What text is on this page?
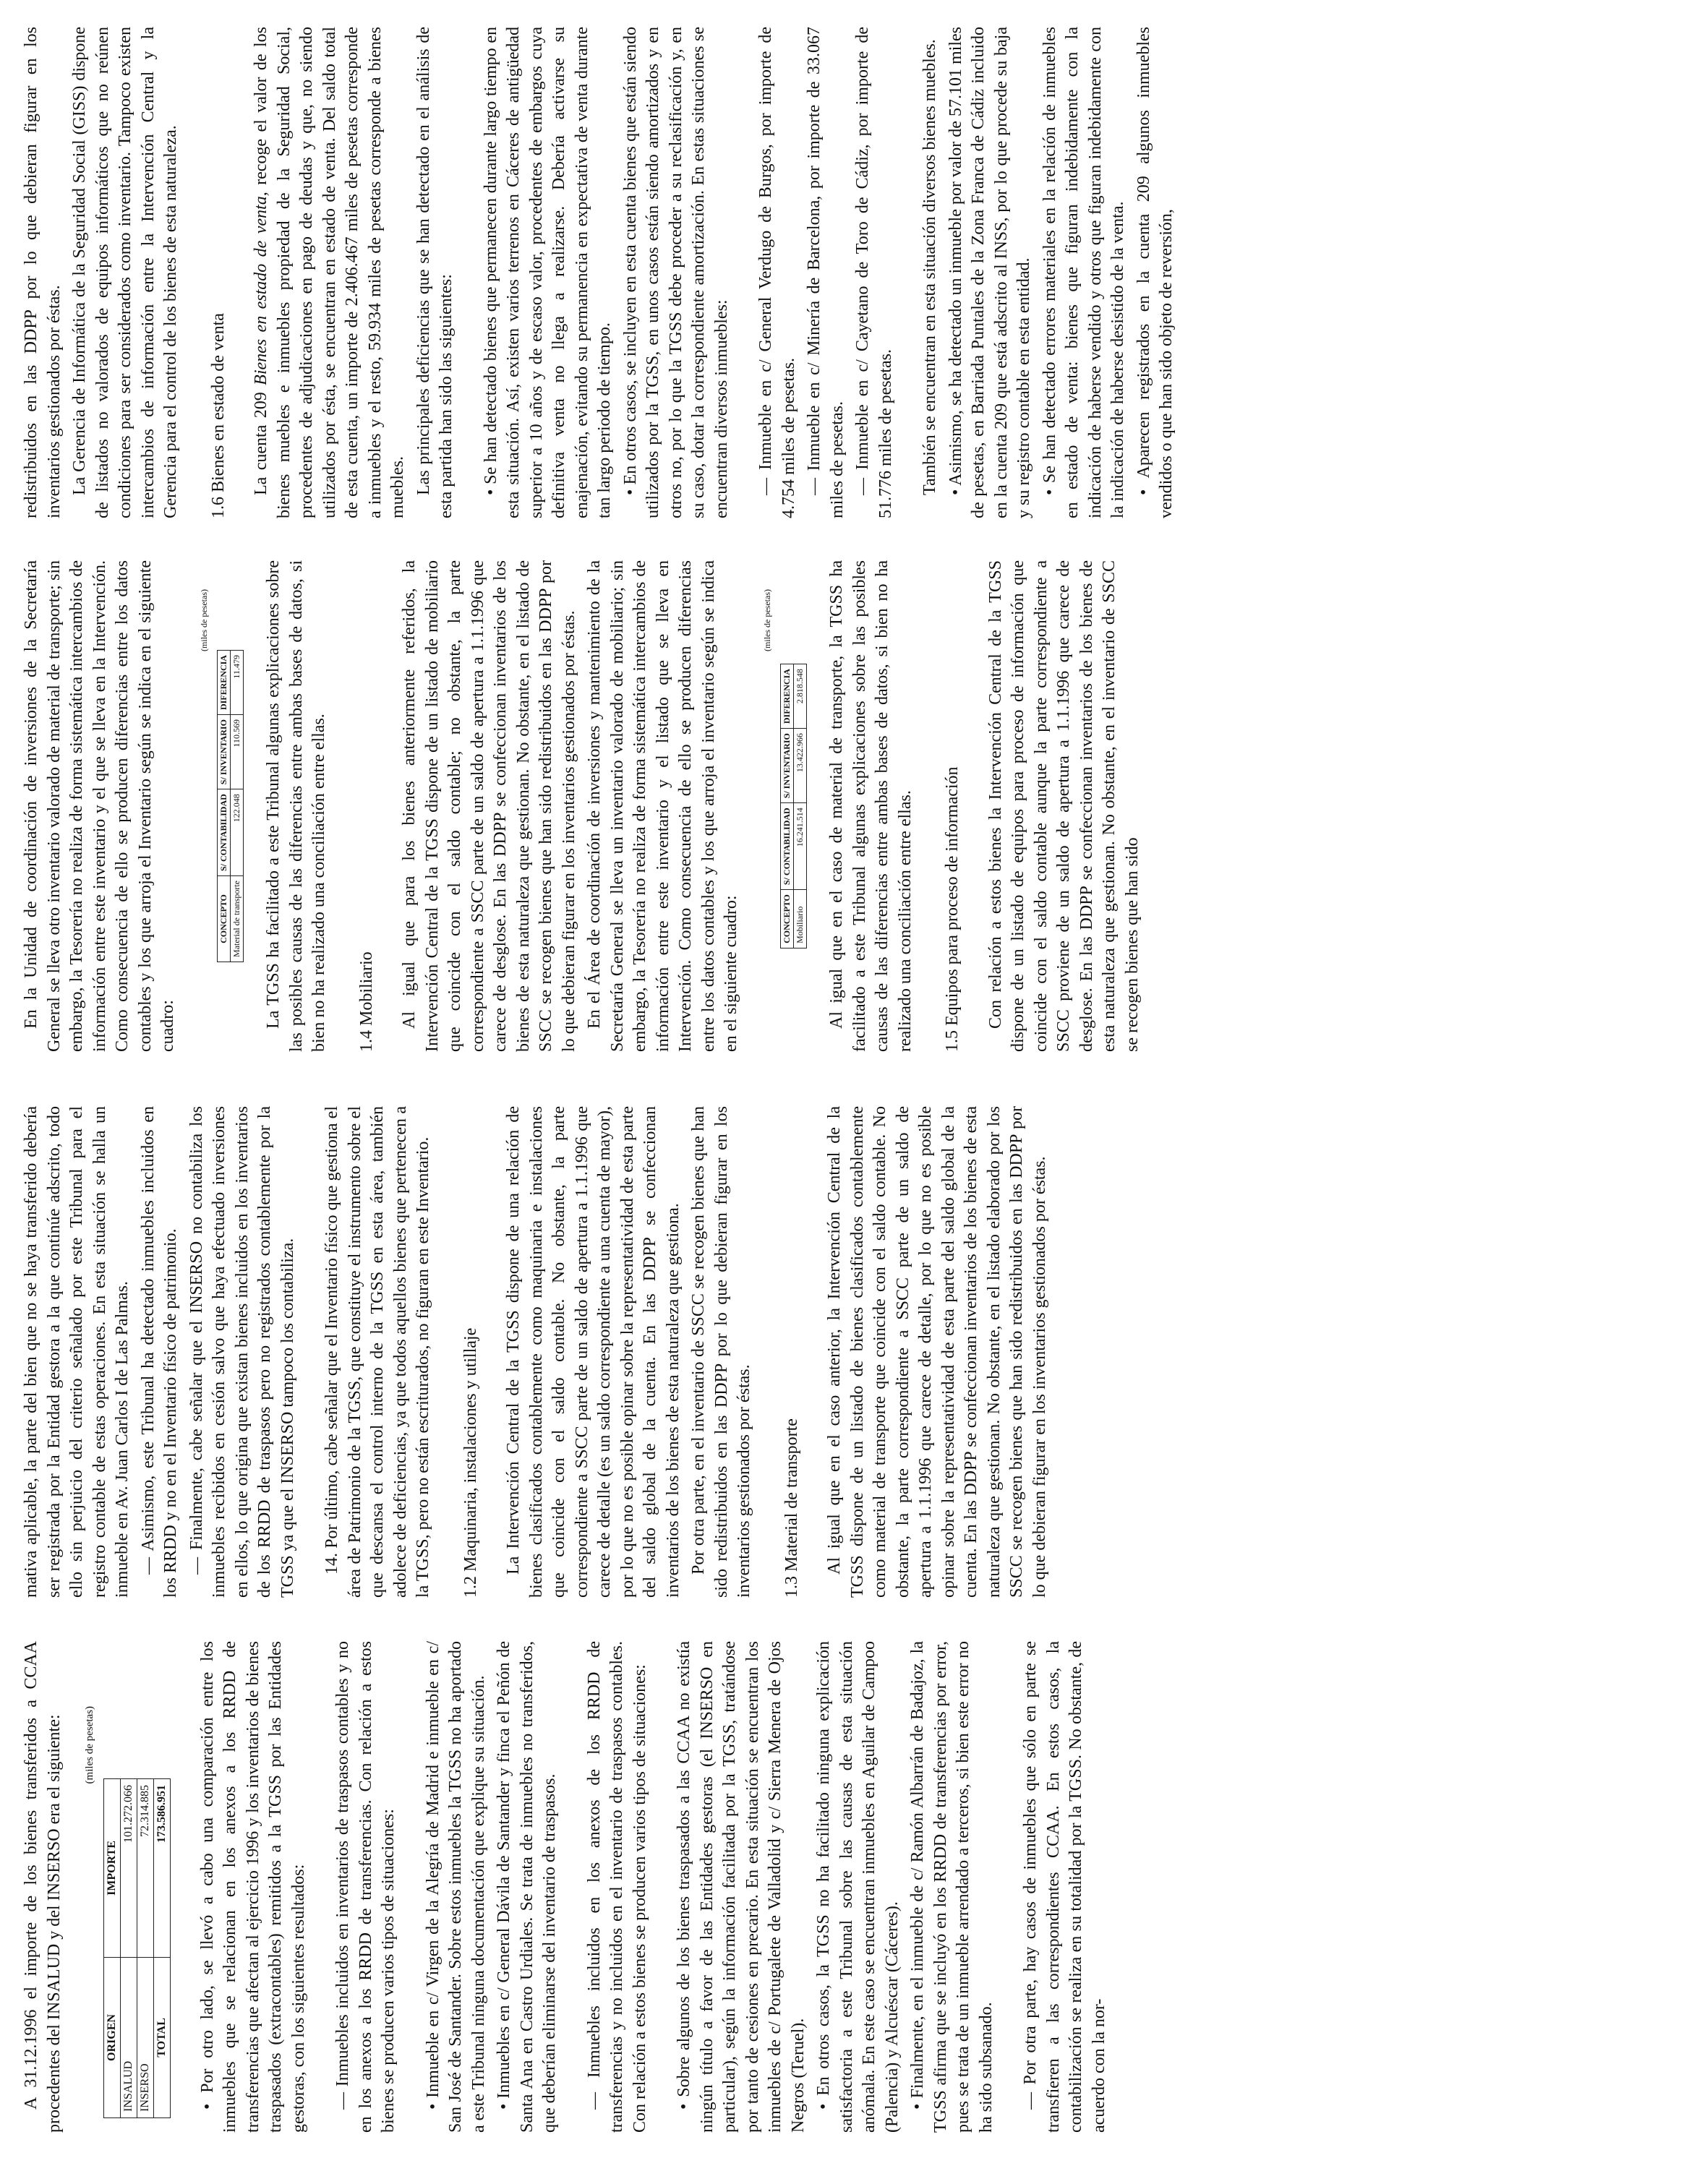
A 31.12.1996 el importe de los bienes transferidos a CCAA procedentes del INSALUD y del INSERSO era el siguiente:	(miles de pesetas)

ORIGEN	IMPORTE
INSALUD	101.272.066
INSERSO	72.314.885
TOTAL	173.586.951 • Por otro lado, se llevó a cabo una comparación entre los inmuebles que se relacionan en los anexos a los RRDD de transferencias que afectan al ejercicio 1996 y los inventarios de bienes traspasados (extracontables) remitidos a la TGSS por las Entidades gestoras, con los siguientes resultados: — Inmuebles incluidos en inventarios de traspasos contables y no en los anexos a los RRDD de transferencias. Con relación a estos bienes se producen varios tipos de situaciones: • Inmueble en c/ Virgen de la Alegría de Madrid e inmueble en c/ San José de Santander. Sobre estos inmuebles la TGSS no ha aportado a este Tribunal ninguna documentación que explique su situación. • Inmuebles en c/ General Dávila de Santander y finca el Peñón de Santa Ana en Castro Urdiales. Se trata de inmuebles no transferidos, que deberían eliminarse del inventario de traspasos. — Inmuebles incluidos en los anexos de los RRDD de transferencias y no incluidos en el inventario de traspasos contables. Con relación a estos bienes se producen varios tipos de situaciones: • Sobre algunos de los bienes traspasados a las CCAA no existía ningún título a favor de las Entidades gestoras (el INSERSO en particular), según la información facilitada por la TGSS, tratándose por tanto de cesiones en precario. En esta situación se encuentran los inmuebles de c/ Portugalete de Valladolid y c/ Sierra Menera de Ojos Negros (Teruel). • En otros casos, la TGSS no ha facilitado ninguna explicación satisfactoria a este Tribunal sobre las causas de esta situación anómala. En este caso se encuentran inmuebles en Aguilar de Campoo (Palencia) y Alcuéscar (Cáceres). • Finalmente, en el inmueble de c/ Ramón Albarrán de Badajoz, la TGSS afirma que se incluyó en los RRDD de transferencias por error, pues se trata de un inmueble arrendado a terceros, si bien este error no ha sido subsanado. — Por otra parte, hay casos de inmuebles que sólo en parte se transfieren a las correspondientes CCAA. En estos casos, la contabilización se realiza en su totalidad por la TGSS. No obstante, de acuerdo con la nor-

mativa aplicable, la parte del bien que no se haya transferido debería ser registrada por la Entidad gestora a la que continúe adscrito, todo ello sin perjuicio del criterio señalado por este Tribunal para el registro contable de estas operaciones. En esta situación se halla un inmueble en Av. Juan Carlos I de Las Palmas. — Asimismo, este Tribunal ha detectado inmuebles incluidos en los RRDD y no en el Inventario físico de patrimonio. — Finalmente, cabe señalar que el INSERSO no contabiliza los inmuebles recibidos en cesión salvo que haya efectuado inversiones en ellos, lo que origina que existan bienes incluidos en los inventarios de los RRDD de traspasos pero no registrados contablemente por la TGSS ya que el INSERSO tampoco los contabiliza. 14. Por último, cabe señalar que el Inventario físico que gestiona el área de Patrimonio de la TGSS, que constituye el instrumento sobre el que descansa el control interno de la TGSS en esta área, también adolece de deficiencias, ya que todos aquellos bienes que pertenecen a la TGSS, pero no están escriturados, no figuran en este Inventario. 1.2 Maquinaria, instalaciones y utillaje La Intervención Central de la TGSS dispone de una relación de bienes clasificados contablemente como maquinaria e instalaciones que coincide con el saldo contable. No obstante, la parte correspondiente a SSCC parte de un saldo de apertura a 1.1.1996 que carece de detalle (es un saldo correspondiente a una cuenta de mayor), por lo que no es posible opinar sobre la representatividad de esta parte del saldo global de la cuenta. En las DDPP se confeccionan inventarios de los bienes de esta naturaleza que gestiona. Por otra parte, en el inventario de SSCC se recogen bienes que han sido redistribuidos en las DDPP por lo que debieran figurar en los inventarios gestionados por éstas. 1.3 Material de transporte Al igual que en el caso anterior, la Intervención Central de la TGSS dispone de un listado de bienes clasificados contablemente como material de transporte que coincide con el saldo contable. No obstante, la parte correspondiente a SSCC parte de un saldo de apertura a 1.1.1996 que carece de detalle, por lo que no es posible opinar sobre la representatividad de esta parte del saldo global de la cuenta. En las DDPP se confeccionan inventarios de los bienes de esta naturaleza que gestionan. No obstante, en el listado elaborado por los SSCC se recogen bienes que han sido redistribuidos en las DDPP por lo que debieran figurar en los inventarios gestionados por éstas.

En la Unidad de coordinación de inversiones de la Secretaría General se lleva otro inventario valorado de material de transporte; sin embargo, la Tesorería no realiza de forma sistemática intercambios de información entre este inventario y el que se lleva en la Intervención. Como consecuencia de ello se producen diferencias entre los datos contables y los que arroja el Inventario según se indica en el siguiente cuadro:

(miles de pesetas)

CONCEPTO	S/ CONTABILIDAD	S/ INVENTARIO	DIFERENCIA
Material de transporte	122.048	110.569	11.479 La TGSS ha facilitado a este Tribunal algunas explicaciones sobre las posibles causas de las diferencias entre ambas bases de datos, si bien no ha realizado una conciliación entre ellas. 1.4 Mobiliario Al igual que para los bienes anteriormente referidos, la Intervención Central de la TGSS dispone de un listado de mobiliario que coincide con el saldo contable; no obstante, la parte correspondiente a SSCC parte de un saldo de apertura a 1.1.1996 que carece de desglose. En las DDPP se confeccionan inventarios de los bienes de esta naturaleza que gestionan. No obstante, en el listado de SSCC se recogen bienes que han sido redistribuidos en las DDPP por lo que debieran figurar en los inventarios gestionados por éstas. En el Área de coordinación de inversiones y mantenimiento de la Secretaría General se lleva un inventario valorado de mobiliario; sin embargo, la Tesorería no realiza de forma sistemática intercambios de información entre este inventario y el listado que se lleva en Intervención. Como consecuencia de ello se producen diferencias entre los datos contables y los que arroja el inventario según se indica en el siguiente cuadro:

(miles de pesetas)

CONCEPTO	S/ CONTABILIDAD	S/ INVENTARIO	DIFERENCIA
Mobiliario	16.241.514	13.422.966	2.818.548 Al igual que en el caso de material de transporte, la TGSS ha facilitado a este Tribunal algunas explicaciones sobre las posibles causas de las diferencias entre ambas bases de datos, si bien no ha realizado una conciliación entre ellas. 1.5 Equipos para proceso de información Con relación a estos bienes la Intervención Central de la TGSS dispone de un listado de equipos para proceso de información que coincide con el saldo contable aunque la parte correspondiente a SSCC proviene de un saldo de apertura a 1.1.1996 que carece de desglose. En las DDPP se confeccionan inventarios de los bienes de esta naturaleza que gestionan. No obstante, en el inventario de SSCC se recogen bienes que han sido

redistribuidos en las DDPP por lo que debieran figurar en los inventarios gestionados por éstas. La Gerencia de Informática de la Seguridad Social (GISS) dispone de listados no valorados de equipos informáticos que no reúnen condiciones para ser considerados como inventario. Tampoco existen intercambios de información entre la Intervención Central y la Gerencia para el control de los bienes de esta naturaleza. 1.6 Bienes en estado de venta La cuenta 209 Bienes en estado de venta, recoge el valor de los bienes muebles e inmuebles propiedad de la Seguridad Social, procedentes de adjudicaciones en pago de deudas y que, no siendo utilizados por ésta, se encuentran en estado de venta. Del saldo total de esta cuenta, un importe de 2.406.467 miles de pesetas corresponde a inmuebles y el resto, 59.934 miles de pesetas corresponde a bienes muebles. Las principales deficiencias que se han detectado en el análisis de esta partida han sido las siguientes: • Se han detectado bienes que permanecen durante largo tiempo en esta situación. Así, existen varios terrenos en Cáceres de antigüedad superior a 10 años y de escaso valor, procedentes de embargos cuya definitiva venta no llega a realizarse. Debería activarse su enajenación, evitando su permanencia en expectativa de venta durante tan largo periodo de tiempo. • En otros casos, se incluyen en esta cuenta bienes que están siendo utilizados por la TGSS, en unos casos están siendo amortizados y en otros no, por lo que la TGSS debe proceder a su reclasificación y, en su caso, dotar la correspondiente amortización. En estas situaciones se encuentran diversos inmuebles: — Inmueble en c/ General Verdugo de Burgos, por importe de 4.754 miles de pesetas. — Inmueble en c/ Minería de Barcelona, por importe de 33.067 miles de pesetas. — Inmueble en c/ Cayetano de Toro de Cádiz, por importe de 51.776 miles de pesetas. También se encuentran en esta situación diversos bienes muebles. • Asimismo, se ha detectado un inmueble por valor de 57.101 miles de pesetas, en Barriada Puntales de la Zona Franca de Cádiz incluido en la cuenta 209 que está adscrito al INSS, por lo que procede su baja y su registro contable en esta entidad. • Se han detectado errores materiales en la relación de inmuebles en estado de venta: bienes que figuran indebidamente con la indicación de haberse vendido y otros que figuran indebidamente con la indicación de haberse desistido de la venta. • Aparecen registrados en la cuenta 209 algunos inmuebles vendidos o que han sido objeto de reversión,
